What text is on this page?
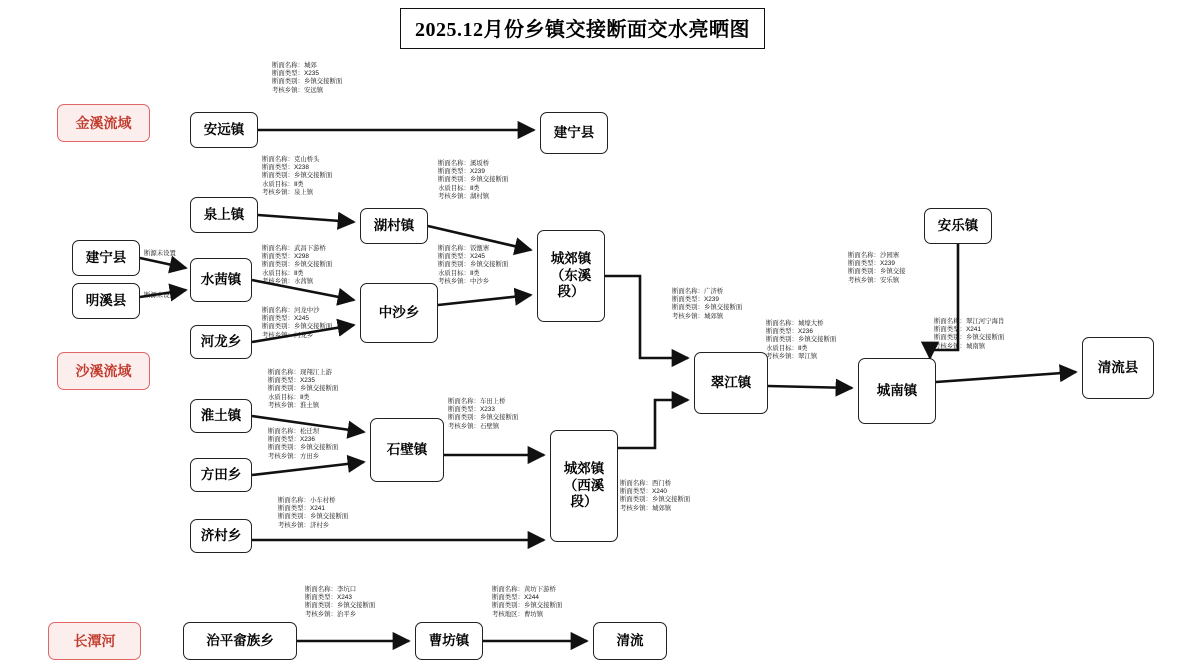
2025.12月份乡镇交接断面交水亮晒图
金溪流域
沙溪流域
长潭河
安远镇	建宁县
泉上镇
建宁县
明溪县
水茜镇
河龙乡
湖村镇
中沙乡
城郊镇（东溪段）
翠江镇
安乐镇
城南镇
清流县
淮土镇
方田乡
济村乡
石壁镇
城郊镇（西溪段）
治平畲族乡	曹坊镇	清流
断源未设置
断源未设置
断面名称：城郊
断面类型：X235
断面类别：乡镇交接断面
考核乡镇：安远镇
断面名称：克山桥头
断面类型：X238
断面类别：乡镇交接断面
水质目标：Ⅱ类
考核乡镇：泉上镇
断面名称：溪坂桥
断面类型：X239
断面类别：乡镇交接断面
水质目标：Ⅱ类
考核乡镇：湖村镇
断面名称：武昌下游桥
断面类型：X298
断面类别：乡镇交接断面
水质目标：Ⅱ类
考核乡镇：水茜镇
断面名称：饭甑寨
断面类型：X245
断面类别：乡镇交接断面
水质目标：Ⅱ类
考核乡镇：中沙乡
断面名称：河龙中沙
断面类型：X245
断面类别：乡镇交接断面
考核乡镇：河龙乡
断面名称：现翔江上游
断面类型：X235
断面类别：乡镇交接断面
水质目标：Ⅱ类
考核乡镇：淮土镇
断面名称：松迁坝
断面类型：X236
断面类别：乡镇交接断面
考核乡镇：方田乡
断面名称：车田上桥
断面类型：X233
断面类别：乡镇交接断面
考核乡镇：石壁镇
断面名称：小车村桥
断面类型：X241
断面类别：乡镇交接断面
考核乡镇：济村乡
断面名称：西门桥
断面类型：X240
断面类别：乡镇交接断面
考核乡镇：城郊镇
断面名称：广济桥
断面类型：X239
断面类别：乡镇交接断面
考核乡镇：城郊镇
断面名称：城壕大桥
断面类型：X236
断面类别：乡镇交接断面
水质目标：Ⅱ类
考核乡镇：翠江镇
断面名称：沙园寨
断面类型：X239
断面类别：乡镇交接
考核乡镇：安乐镇
断面名称：翠江河宁海肖
断面类型：X241
断面类别：乡镇交接断面
考核乡镇：城南镇
断面名称：李坑口
断面类型：X243
断面类别：乡镇交接断面
考核乡镇：治平乡
断面名称：黄坊下游桥
断面类型：X244
断面类别：乡镇交接断面
考核地区：曹坊镇
